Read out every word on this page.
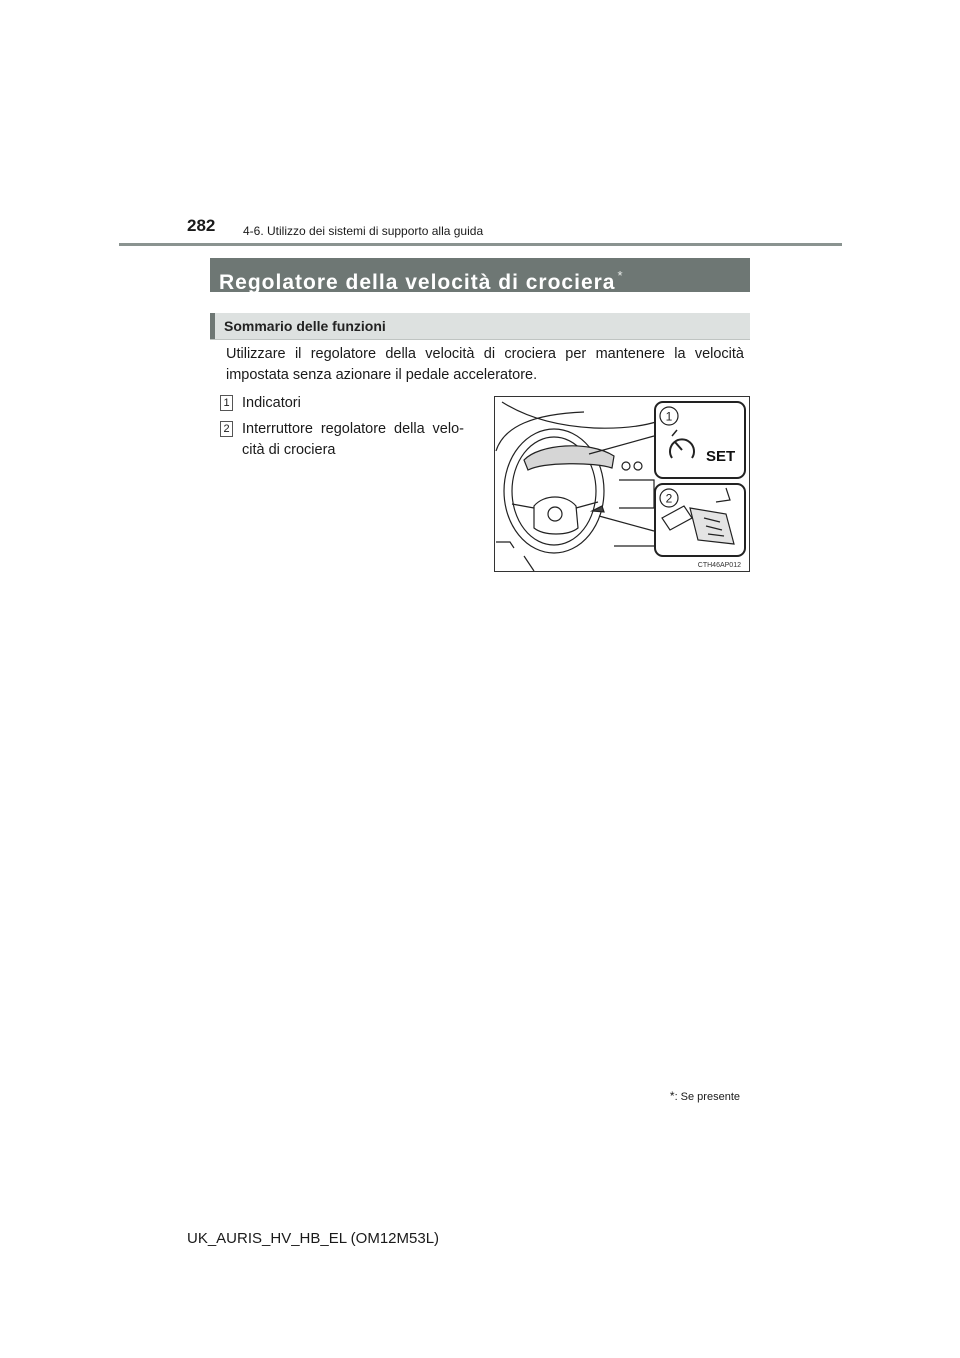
282 4-6. Utilizzo dei sistemi di supporto alla guida
Regolatore della velocità di crociera *
Sommario delle funzioni
Utilizzare il regolatore della velocità di crociera per mantenere la velocità impostata senza azionare il pedale acceleratore.
1 Indicatori
2 Interruttore regolatore della velo-cità di crociera
1
SET
2
CTH46AP012
*: Se presente
UK_AURIS_HV_HB_EL (OM12M53L)
